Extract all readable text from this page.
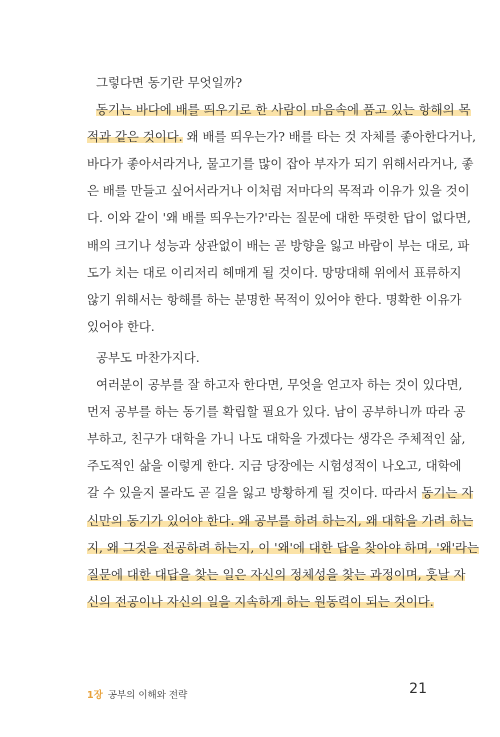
그렇다면 동기란 무엇일까?
동기는 바다에 배를 띄우기로 한 사람이 마음속에 품고 있는 항해의 목
적과 같은 것이다. 왜 배를 띄우는가? 배를 타는 것 자체를 좋아한다거나,
바다가 좋아서라거나, 물고기를 많이 잡아 부자가 되기 위해서라거나, 좋
은 배를 만들고 싶어서라거나 이처럼 저마다의 목적과 이유가 있을 것이
다. 이와 같이 '왜 배를 띄우는가?'라는 질문에 대한 뚜렷한 답이 없다면,
배의 크기나 성능과 상관없이 배는 곧 방향을 잃고 바람이 부는 대로, 파
도가 치는 대로 이리저리 헤매게 될 것이다. 망망대해 위에서 표류하지
않기 위해서는 항해를 하는 분명한 목적이 있어야 한다. 명확한 이유가
있어야 한다.
공부도 마찬가지다.
여러분이 공부를 잘 하고자 한다면, 무엇을 얻고자 하는 것이 있다면,
먼저 공부를 하는 동기를 확립할 필요가 있다. 남이 공부하니까 따라 공
부하고, 친구가 대학을 가니 나도 대학을 가겠다는 생각은 주체적인 삶,
주도적인 삶을 이렇게 한다. 지금 당장에는 시험성적이 나오고, 대학에
갈 수 있을지 몰라도 곧 길을 잃고 방황하게 될 것이다. 따라서 동기는 자
신만의 동기가 있어야 한다. 왜 공부를 하려 하는지, 왜 대학을 가려 하는
지, 왜 그것을 전공하려 하는지, 이 '왜'에 대한 답을 찾아야 하며, '왜'라는
질문에 대한 대답을 찾는 일은 자신의 정체성을 찾는 과정이며, 훗날 자
신의 전공이나 자신의 일을 지속하게 하는 원동력이 되는 것이다.
1장 공부의 이해와 전략	21
